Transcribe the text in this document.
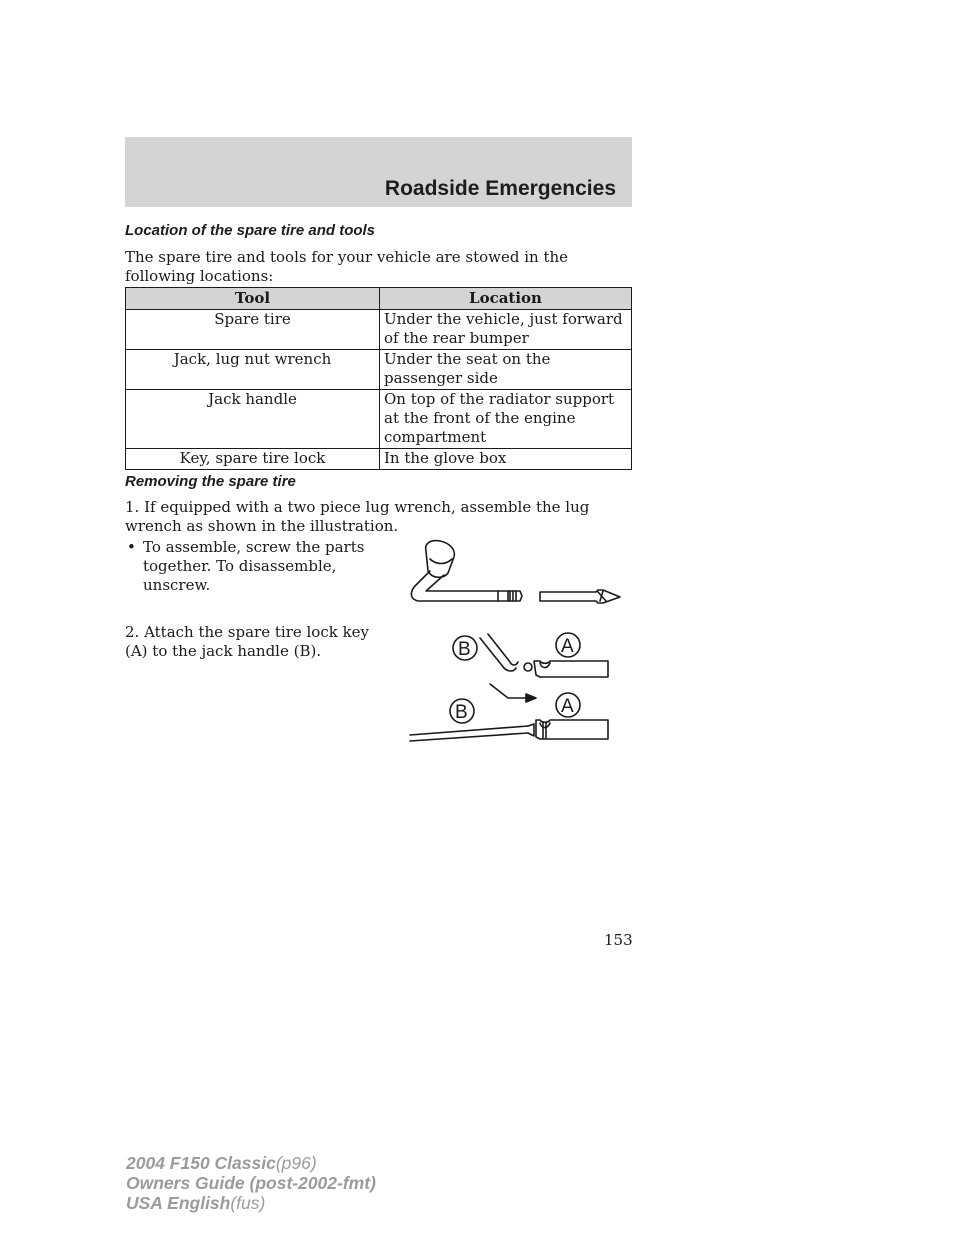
Roadside Emergencies
Location of the spare tire and tools
The spare tire and tools for your vehicle are stowed in the following locations:
Tool	Location
Spare tire	Under the vehicle, just forward of the rear bumper
Jack, lug nut wrench	Under the seat on the passenger side
Jack handle	On top of the radiator support at the front of the engine compartment
Key, spare tire lock	In the glove box
Removing the spare tire
1. If equipped with a two piece lug wrench, assemble the lug wrench as shown in the illustration.
• To assemble, screw the parts together. To disassemble, unscrew.
2. Attach the spare tire lock key (A) to the jack handle (B).	B	A
B	A
153
2004 F150 Classic(p96)
Owners Guide (post-2002-fmt)
USA English(fus)
